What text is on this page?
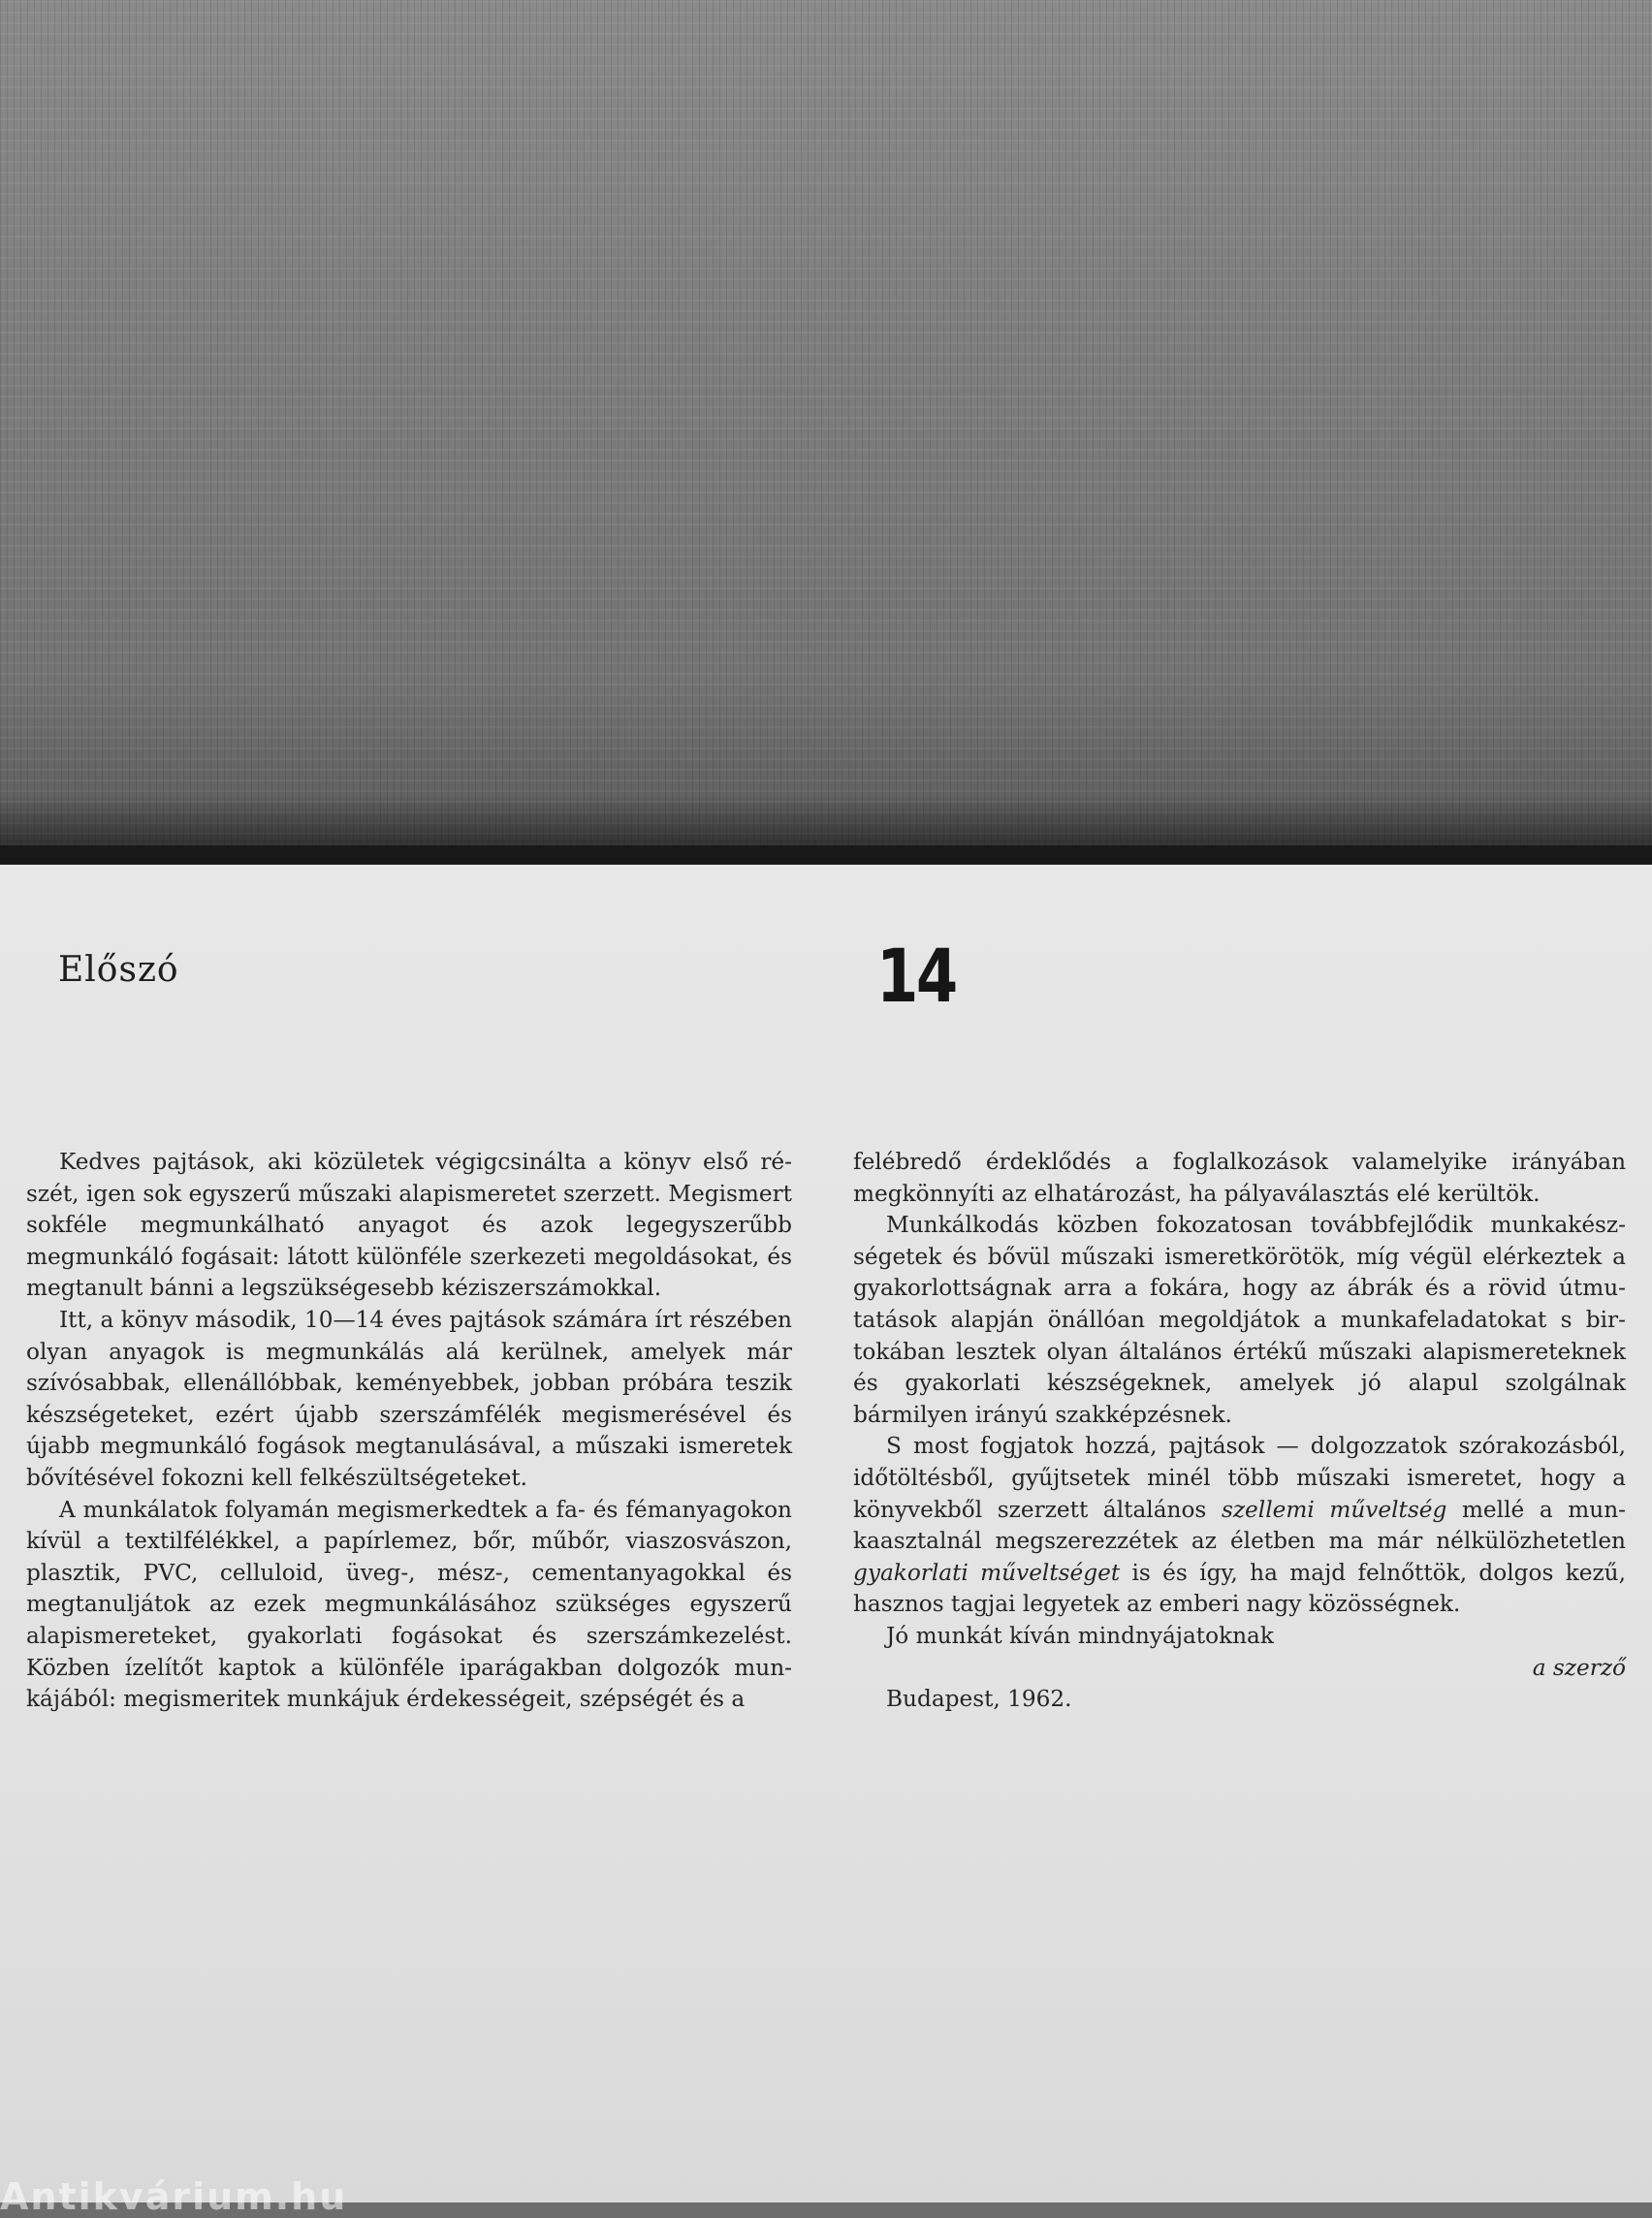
Előszó	14

Kedves pajtások, aki közületek végigcsinálta a könyv első részét, igen sok egyszerű műszaki alapismeretet szerzett. Megismert sokféle megmunkálható anyagot és azok legegyszerűbb megmunkáló fogásait: látott különféle szerkezeti megoldásokat, és megtanult bánni a legszükségesebb kéziszerszámokkal.

Itt, a könyv második, 10—14 éves pajtások számára írt részében olyan anyagok is megmunkálás alá kerülnek, amelyek már szívósabbak, ellenállóbbak, keményebbek, jobban próbára teszik készségeteket, ezért újabb szerszámfélék megismerésével és újabb megmunkáló fogások megtanulásával, a műszaki ismeretek bővítésével fokozni kell felkészültségeteket.

A munkálatok folyamán megismerkedtek a fa- és fémanyagokon kívül a textilfélékkel, a papírlemez, bőr, műbőr, viaszosvászon, plasztik, PVC, celluloid, üveg-, mész-, cementanyagokkal és megtanuljátok az ezek megmunkálásához szükséges egyszerű alapismereteket, gyakorlati fogásokat és szerszámkezelést. Közben ízelítőt kaptok a különféle iparágakban dolgozók munkájából: megismeritek munkájuk érdekességeit, szépségét és a

felébredő érdeklődés a foglalkozások valamelyike irányában megkönnyíti az elhatározást, ha pályaválasztás elé kerültök.

Munkálkodás közben fokozatosan továbbfejlődik munkakészségetek és bővül műszaki ismeretkörötök, míg végül elérkeztek a gyakorlottságnak arra a fokára, hogy az ábrák és a rövid útmutatások alapján önállóan megoldjátok a munkafeladatokat s birtokában lesztek olyan általános értékű műszaki alapismereteknek és gyakorlati készségeknek, amelyek jó alapul szolgálnak bármilyen irányú szakképzésnek.

S most fogjatok hozzá, pajtások — dolgozzatok szórakozásból, időtöltésből, gyűjtsetek minél több műszaki ismeretet, hogy a könyvekből szerzett általános szellemi műveltség mellé a munkaasztalnál megszerezzétek az életben ma már nélkülözhetetlen gyakorlati műveltséget is és így, ha majd felnőttök, dolgos kezű, hasznos tagjai legyetek az emberi nagy közösségnek.

Jó munkát kíván mindnyájatoknak

a szerző

Budapest, 1962.

Antikvárium.hu
